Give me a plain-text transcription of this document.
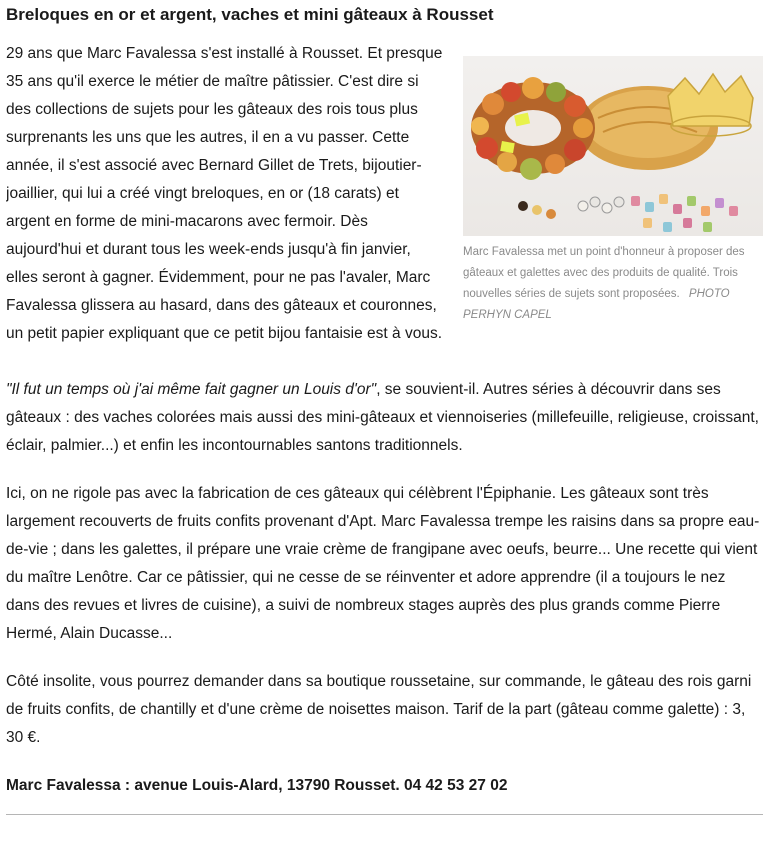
Breloques en or et argent, vaches et mini gâteaux à Rousset
Marc Favalessa met un point d'honneur à proposer des gâteaux et galettes avec des produits de qualité. Trois nouvelles séries de sujets sont proposées. PHOTO PERHYN CAPEL

29 ans que Marc Favalessa s'est installé à Rousset. Et presque 35 ans qu'il exerce le métier de maître pâtissier. C'est dire si des collections de sujets pour les gâteaux des rois tous plus surprenants les uns que les autres, il en a vu passer. Cette année, il s'est associé avec Bernard Gillet de Trets, bijoutier-joaillier, qui lui a créé vingt breloques, en or (18 carats) et argent en forme de mini-macarons avec fermoir. Dès aujourd'hui et durant tous les week-ends jusqu'à fin janvier, elles seront à gagner. Évidemment, pour ne pas l'avaler, Marc Favalessa glissera au hasard, dans des gâteaux et couronnes, un petit papier expliquant que ce petit bijou fantaisie est à vous.

"Il fut un temps où j'ai même fait gagner un Louis d'or", se souvient-il. Autres séries à découvrir dans ses gâteaux : des vaches colorées mais aussi des mini-gâteaux et viennoiseries (millefeuille, religieuse, croissant, éclair, palmier...) et enfin les incontournables santons traditionnels.

Ici, on ne rigole pas avec la fabrication de ces gâteaux qui célèbrent l'Épiphanie. Les gâteaux sont très largement recouverts de fruits confits provenant d'Apt. Marc Favalessa trempe les raisins dans sa propre eau-de-vie ; dans les galettes, il prépare une vraie crème de frangipane avec oeufs, beurre... Une recette qui vient du maître Lenôtre. Car ce pâtissier, qui ne cesse de se réinventer et adore apprendre (il a toujours le nez dans des revues et livres de cuisine), a suivi de nombreux stages auprès des plus grands comme Pierre Hermé, Alain Ducasse...

Côté insolite, vous pourrez demander dans sa boutique roussetaine, sur commande, le gâteau des rois garni de fruits confits, de chantilly et d'une crème de noisettes maison. Tarif de la part (gâteau comme galette) : 3, 30 €.

Marc Favalessa : avenue Louis-Alard, 13790 Rousset. 04 42 53 27 02
